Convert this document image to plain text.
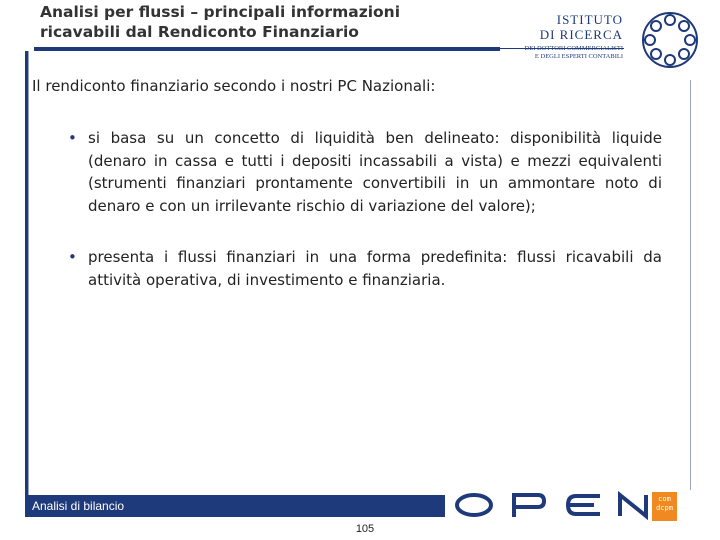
Analisi per flussi – principali informazioni
ricavabili dal Rendiconto Finanziario
ISTITUTO
DI RICERCA
DEI DOTTORI COMMERCIALISTI
E DEGLI ESPERTI CONTABILI
Il rendiconto finanziario secondo i nostri PC Nazionali:
• si basa su un concetto di liquidità ben delineato: disponibilità liquide (denaro in cassa e tutti i depositi incassabili a vista) e mezzi equivalenti (strumenti finanziari prontamente convertibili in un ammontare noto di denaro e con un irrilevante rischio di variazione del valore);
• presenta i flussi finanziari in una forma predefinita: flussi ricavabili da attività operativa, di investimento e finanziaria.
Analisi di bilancio	com
dcpm
105
